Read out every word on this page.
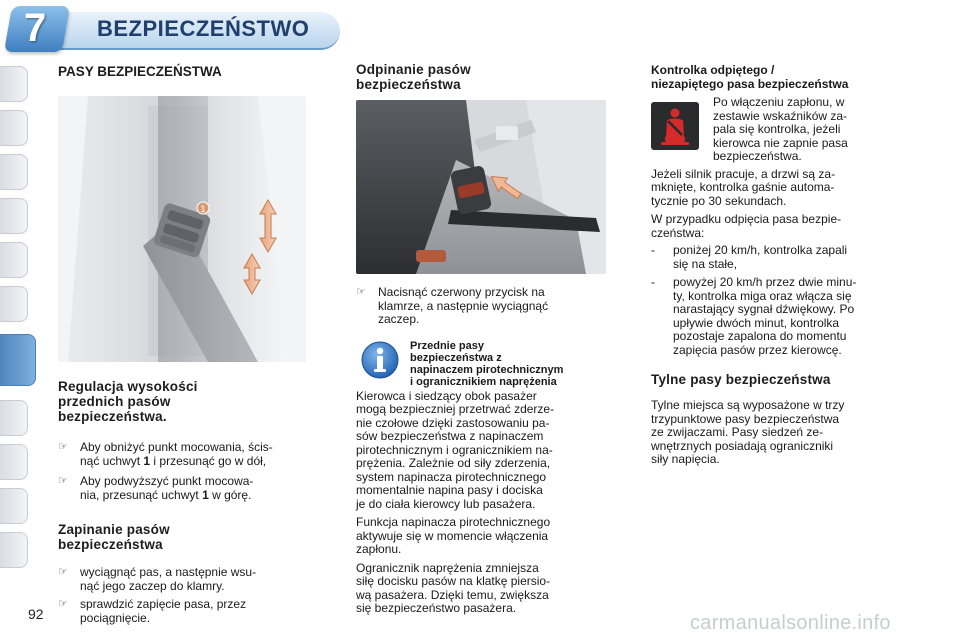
7 BEZPIECZEŃSTWO
PASY BEZPIECZEŃSTWA
1
Regulacja wysokości
przednich pasów
bezpieczeństwa.
☞	Aby obniżyć punkt mocowania, ścis-
nąć uchwyt 1 i przesunąć go w dół,
☞	Aby podwyższyć punkt mocowa-
nia, przesunąć uchwyt 1 w górę.
Zapinanie pasów
bezpieczeństwa
☞	wyciągnąć pas, a następnie wsu-
nąć jego zaczep do klamry.
☞	sprawdzić zapięcie pasa, przez
pociągnięcie.
Odpinanie pasów
bezpieczeństwa
☞	Nacisnąć czerwony przycisk na
klamrze, a następnie wyciągnąć
zaczep.
Przednie pasy
bezpieczeństwa z
napinaczem pirotechnicznym
i ogranicznikiem naprężenia

Kierowca i siedzący obok pasażer
mogą bezpieczniej przetrwać zderze-
nie czołowe dzięki zastosowaniu pa-
sów bezpieczeństwa z napinaczem
pirotechnicznym i ogranicznikiem na-
prężenia. Zależnie od siły zderzenia,
system napinacza pirotechnicznego
momentalnie napina pasy i dociska
je do ciała kierowcy lub pasażera.

Funkcja napinacza pirotechnicznego
aktywuje się w momencie włączenia
zapłonu.

Ogranicznik naprężenia zmniejsza
siłę docisku pasów na klatkę piersio-
wą pasażera. Dzięki temu, zwiększa
się bezpieczeństwo pasażera.

Kontrolka odpiętego /
niezapiętego pasa bezpieczeństwa

Po włączeniu zapłonu, w
zestawie wskaźników za-
pala się kontrolka, jeżeli
kierowca nie zapnie pasa
bezpieczeństwa.

Jeżeli silnik pracuje, a drzwi są za-
mknięte, kontrolka gaśnie automa-
tycznie po 30 sekundach.

W przypadku odpięcia pasa bezpie-
czeństwa:

-	poniżej 20 km/h, kontrolka zapali
się na stałe,
-	powyżej 20 km/h przez dwie minu-
ty, kontrolka miga oraz włącza się
narastający sygnał dźwiękowy. Po
upływie dwóch minut, kontrolka
pozostaje zapalona do momentu
zapięcia pasów przez kierowcę.
Tylne pasy bezpieczeństwa

Tylne miejsca są wyposażone w trzy
trzypunktowe pasy bezpieczeństwa
ze zwijaczami. Pasy siedzeń ze-
wnętrznych posiadają ograniczniki
siły napięcia.

92	carmanualsonline.info
